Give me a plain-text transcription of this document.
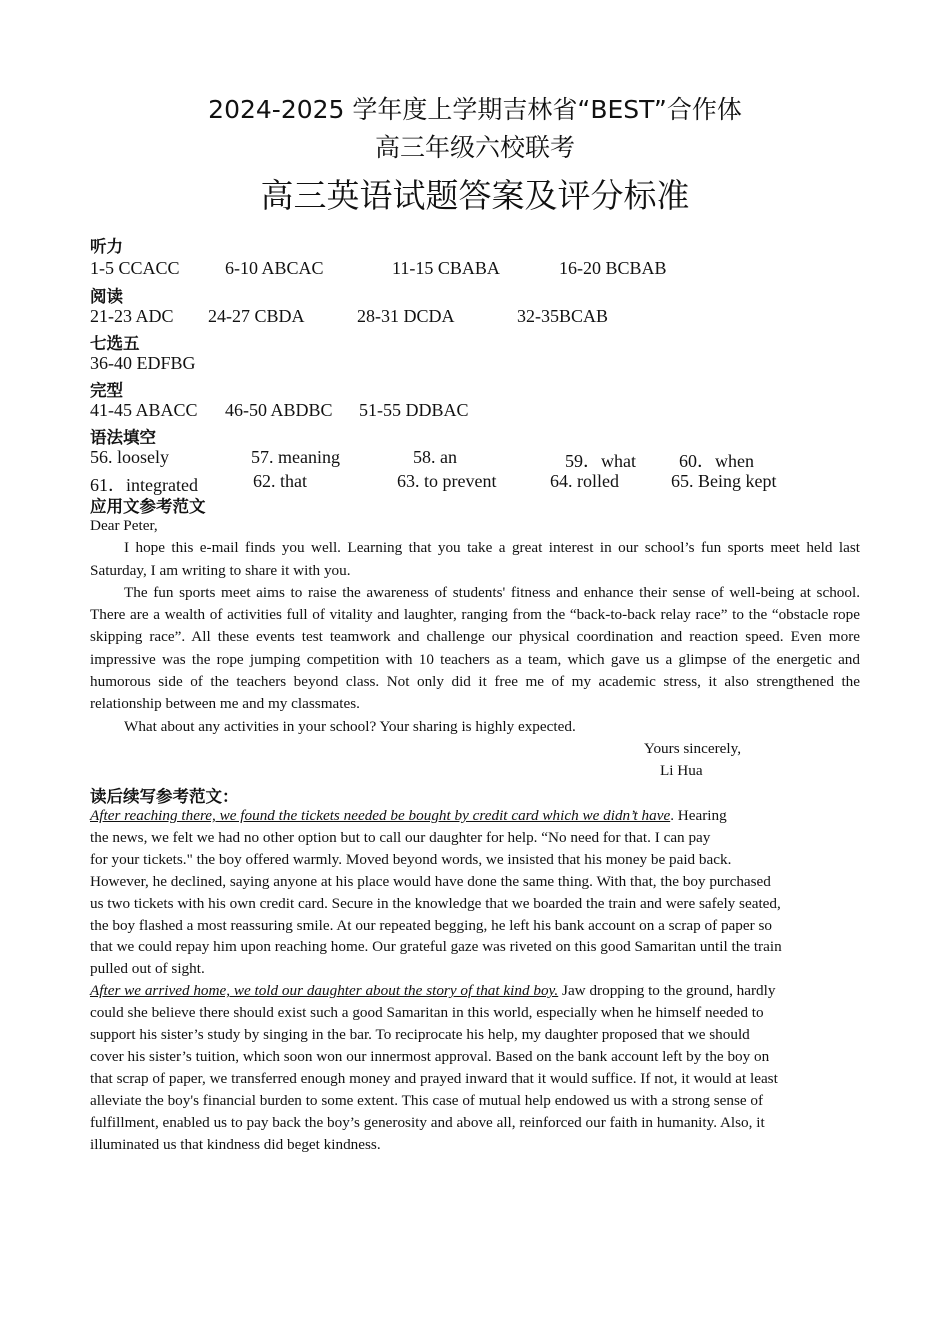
2024-2025 学年度上学期吉林省“BEST”合作体
高三年级六校联考
高三英语试题答案及评分标准
听力
1-5 CCACC	6-10 ABCAC	11-15 CBABA	16-20 BCBAB
阅读
21-23 ADC 24-27 CBDA	28-31 DCDA	32-35BCAB
七选五
36-40 EDFBG
完型
41-45 ABACC 46-50 ABDBC 51-55 DDBAC
语法填空
56. loosely	57. meaning	58. an	59．what 60．when
61．integrated	62. that	63. to prevent	64. rolled	65. Being kept
应用文参考范文

Dear Peter,

I hope this e-mail finds you well. Learning that you take a great interest in our school’s fun sports meet held last Saturday, I am writing to share it with you.

The fun sports meet aims to raise the awareness of students' fitness and enhance their sense of well-being at school. There are a wealth of activities full of vitality and laughter, ranging from the “back-to-back relay race” to the “obstacle rope skipping race”. All these events test teamwork and challenge our physical coordination and reaction speed. Even more impressive was the rope jumping competition with 10 teachers as a team, which gave us a glimpse of the energetic and humorous side of the teachers beyond class. Not only did it free me of my academic stress, it also strengthened the relationship between me and my classmates.

What about any activities in your school? Your sharing is highly expected.

Yours sincerely,

Li Hua

读后续写参考范文：

After reaching there, we found the tickets needed be bought by credit card which we didn’t have. Hearing

the news, we felt we had no other option but to call our daughter for help. “No need for that. I can pay

for your tickets." the boy offered warmly. Moved beyond words, we insisted that his money be paid back.

However, he declined, saying anyone at his place would have done the same thing. With that, the boy purchased

us two tickets with his own credit card. Secure in the knowledge that we boarded the train and were safely seated,

the boy flashed a most reassuring smile. At our repeated begging, he left his bank account on a scrap of paper so

that we could repay him upon reaching home. Our grateful gaze was riveted on this good Samaritan until the train

pulled out of sight.

After we arrived home, we told our daughter about the story of that kind boy. Jaw dropping to the ground, hardly

could she believe there should exist such a good Samaritan in this world, especially when he himself needed to

support his sister’s study by singing in the bar. To reciprocate his help, my daughter proposed that we should

cover his sister’s tuition, which soon won our innermost approval. Based on the bank account left by the boy on

that scrap of paper, we transferred enough money and prayed inward that it would suffice. If not, it would at least

alleviate the boy's financial burden to some extent. This case of mutual help endowed us with a strong sense of

fulfillment, enabled us to pay back the boy’s generosity and above all, reinforced our faith in humanity. Also, it

illuminated us that kindness did beget kindness.
